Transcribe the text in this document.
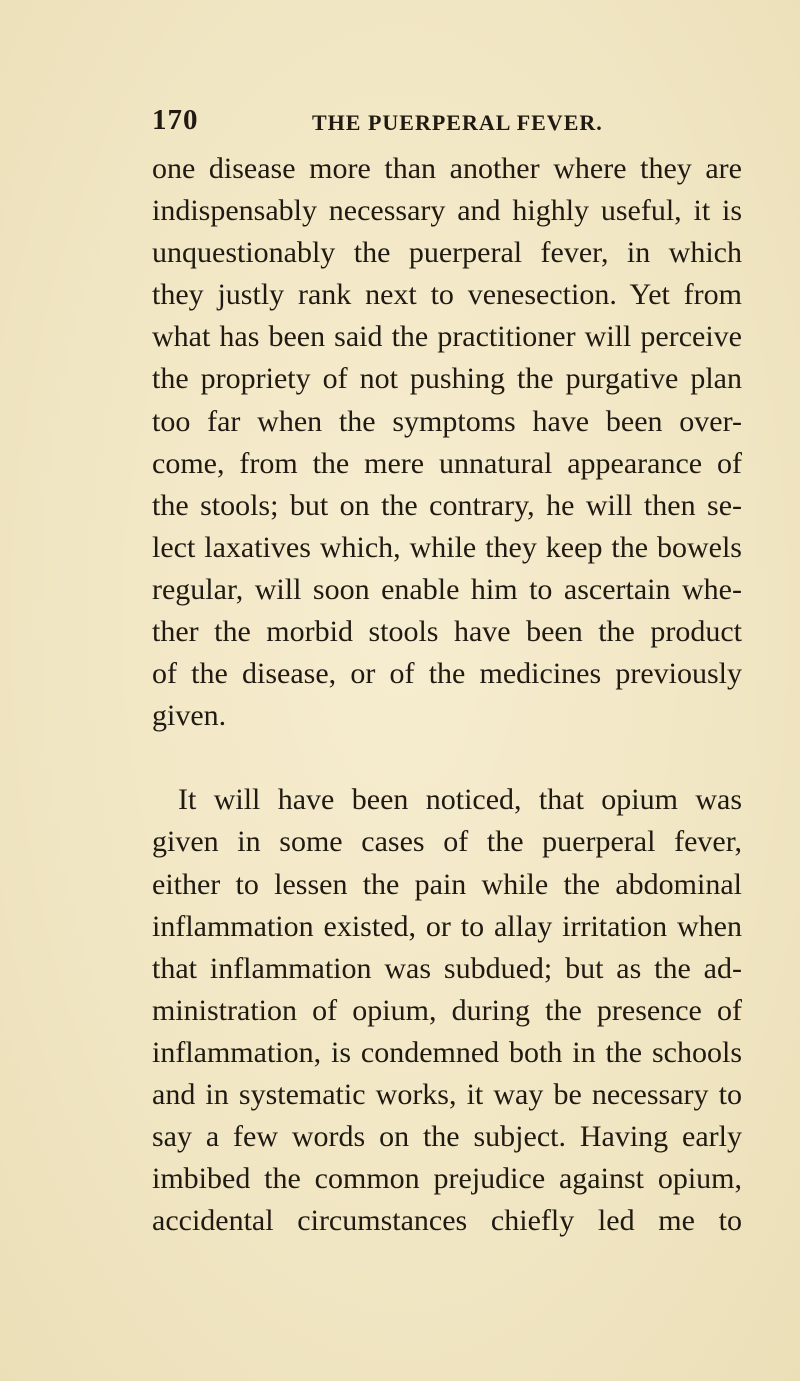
170	THE PUERPERAL FEVER.
one disease more than another where they are
indispensably necessary and highly useful, it is
unquestionably the puerperal fever, in which
they justly rank next to venesection. Yet from
what has been said the practitioner will perceive
the propriety of not pushing the purgative plan
too far when the symptoms have been over-
come, from the mere unnatural appearance of
the stools; but on the contrary, he will then se-
lect laxatives which, while they keep the bowels
regular, will soon enable him to ascertain whe-
ther the morbid stools have been the product
of the disease, or of the medicines previously
given.
It will have been noticed, that opium was
given in some cases of the puerperal fever,
either to lessen the pain while the abdominal
inflammation existed, or to allay irritation when
that inflammation was subdued; but as the ad-
ministration of opium, during the presence of
inflammation, is condemned both in the schools
and in systematic works, it way be necessary to
say a few words on the subject. Having early
imbibed the common prejudice against opium,
accidental circumstances chiefly led me to
